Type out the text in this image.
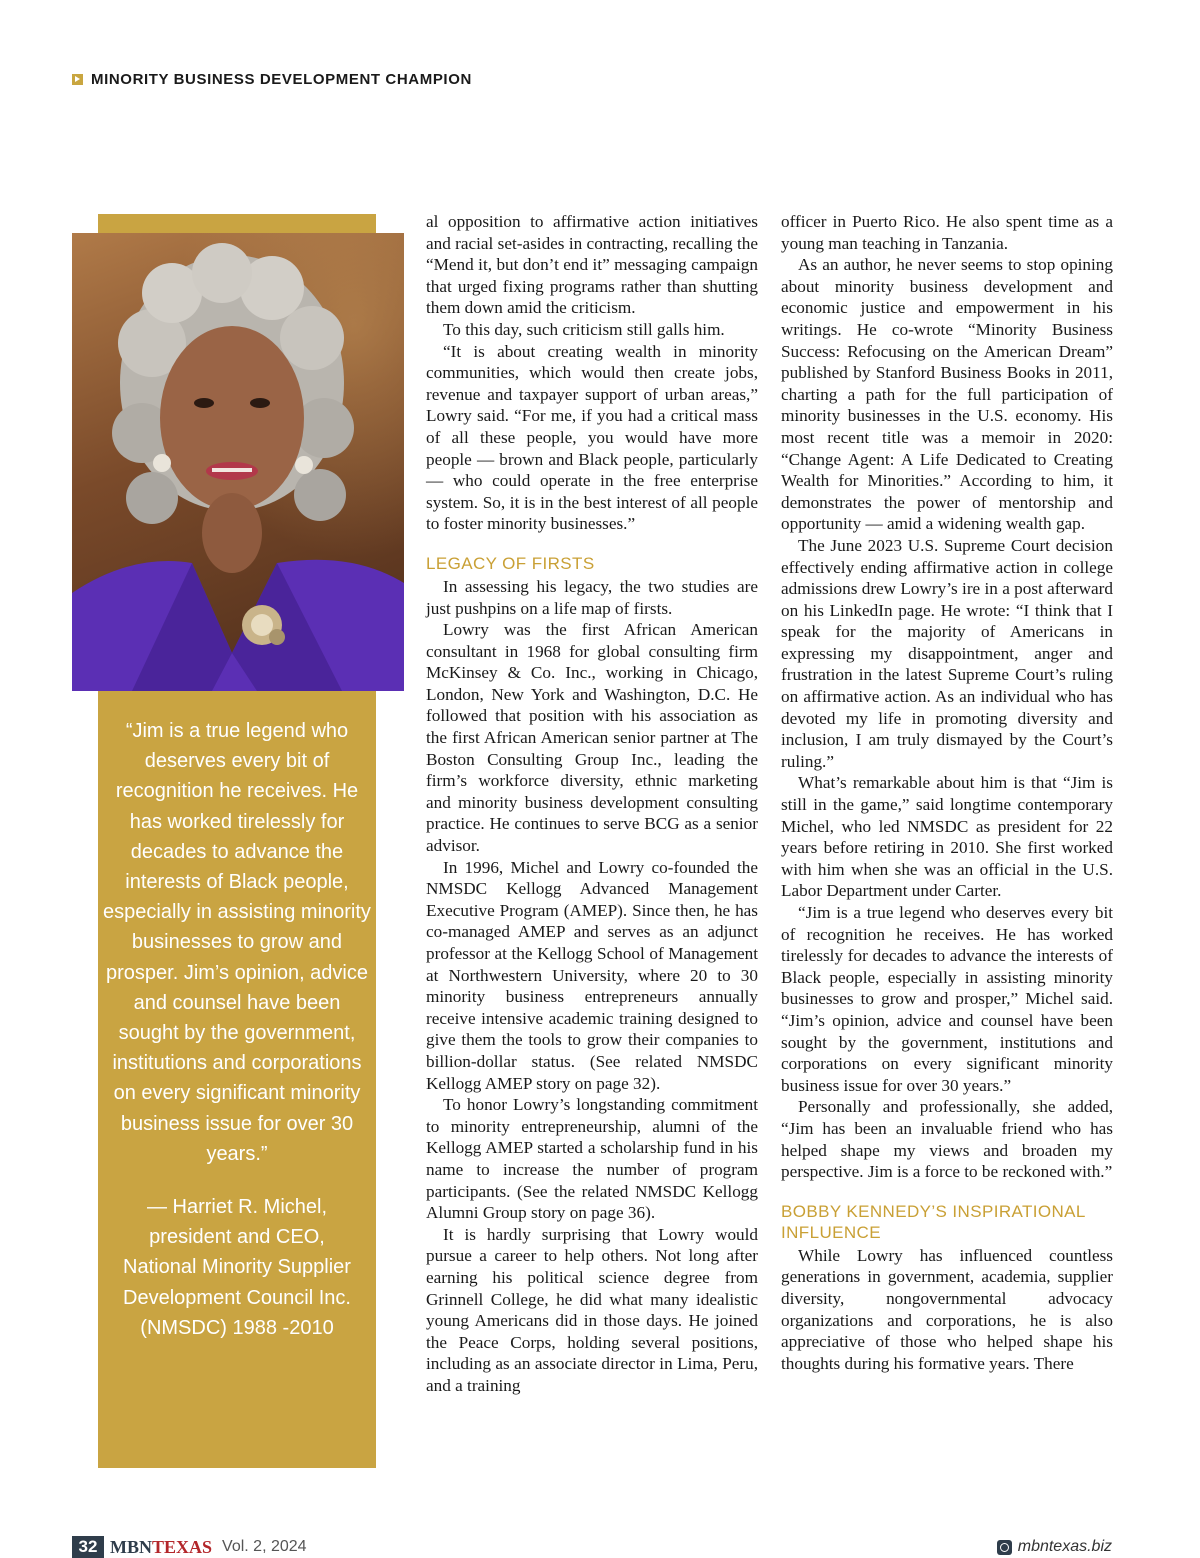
MINORITY BUSINESS DEVELOPMENT CHAMPION

“Jim is a true legend who deserves every bit of recognition he receives. He has worked tirelessly for decades to advance the interests of Black people, especially in assisting minority businesses to grow and prosper. Jim’s opinion, advice and counsel have been sought by the government, institutions and corporations on every significant minority business issue for over 30 years.”

— Harriet R. Michel,
president and CEO,
National Minority Supplier
Development Council Inc.
(NMSDC) 1988 -2010

al opposition to affirmative action initiatives and racial set-asides in contracting, recalling the “Mend it, but don’t end it” messaging campaign that urged fixing programs rather than shutting them down amid the criticism.

To this day, such criticism still galls him.

“It is about creating wealth in minority communities, which would then create jobs, revenue and taxpayer support of urban areas,” Lowry said. “For me, if you had a critical mass of all these people, you would have more people — brown and Black people, particularly — who could operate in the free enterprise system. So, it is in the best interest of all people to foster minority businesses.”

LEGACY OF FIRSTS

In assessing his legacy, the two studies are just pushpins on a life map of firsts.

Lowry was the first African American consultant in 1968 for global consulting firm McKinsey & Co. Inc., working in Chicago, London, New York and Washington, D.C. He followed that position with his association as the first African American senior partner at The Boston Consulting Group Inc., leading the firm’s workforce diversity, ethnic marketing and minority business development consulting practice. He continues to serve BCG as a senior advisor.

In 1996, Michel and Lowry co-founded the NMSDC Kellogg Advanced Management Executive Program (AMEP). Since then, he has co-managed AMEP and serves as an adjunct professor at the Kellogg School of Management at Northwestern University, where 20 to 30 minority business entrepreneurs annually receive intensive academic training designed to give them the tools to grow their companies to billion-dollar status. (See related NMSDC Kellogg AMEP story on page 32).

To honor Lowry’s longstanding commitment to minority entrepreneurship, alumni of the Kellogg AMEP started a scholarship fund in his name to increase the number of program participants. (See the related NMSDC Kellogg Alumni Group story on page 36).

It is hardly surprising that Lowry would pursue a career to help others. Not long after earning his political science degree from Grinnell College, he did what many idealistic young Americans did in those days. He joined the Peace Corps, holding several positions, including as an associate director in Lima, Peru, and a training

officer in Puerto Rico. He also spent time as a young man teaching in Tanzania.

As an author, he never seems to stop opining about minority business development and economic justice and empowerment in his writings. He co-wrote “Minority Business Success: Refocusing on the American Dream” published by Stanford Business Books in 2011, charting a path for the full participation of minority businesses in the U.S. economy. His most recent title was a memoir in 2020: “Change Agent: A Life Dedicated to Creating Wealth for Minorities.” According to him, it demonstrates the power of mentorship and opportunity — amid a widening wealth gap.

The June 2023 U.S. Supreme Court decision effectively ending affirmative action in college admissions drew Lowry’s ire in a post afterward on his LinkedIn page. He wrote: “I think that I speak for the majority of Americans in expressing my disappointment, anger and frustration in the latest Supreme Court’s ruling on affirmative action. As an individual who has devoted my life in promoting diversity and inclusion, I am truly dismayed by the Court’s ruling.”

What’s remarkable about him is that “Jim is still in the game,” said longtime contemporary Michel, who led NMSDC as president for 22 years before retiring in 2010. She first worked with him when she was an official in the U.S. Labor Department under Carter.

“Jim is a true legend who deserves every bit of recognition he receives. He has worked tirelessly for decades to advance the interests of Black people, especially in assisting minority businesses to grow and prosper,” Michel said. “Jim’s opinion, advice and counsel have been sought by the government, institutions and corporations on every significant minority business issue for over 30 years.”

Personally and professionally, she added, “Jim has been an invaluable friend who has helped shape my views and broaden my perspective. Jim is a force to be reckoned with.”

BOBBY KENNEDY’S INSPIRATIONAL INFLUENCE

While Lowry has influenced countless generations in government, academia, supplier diversity, nongovernmental advocacy organizations and corporations, he is also appreciative of those who helped shape his thoughts during his formative years. There

32 MBN TEXAS Vol. 2, 2024	mbntexas.biz
